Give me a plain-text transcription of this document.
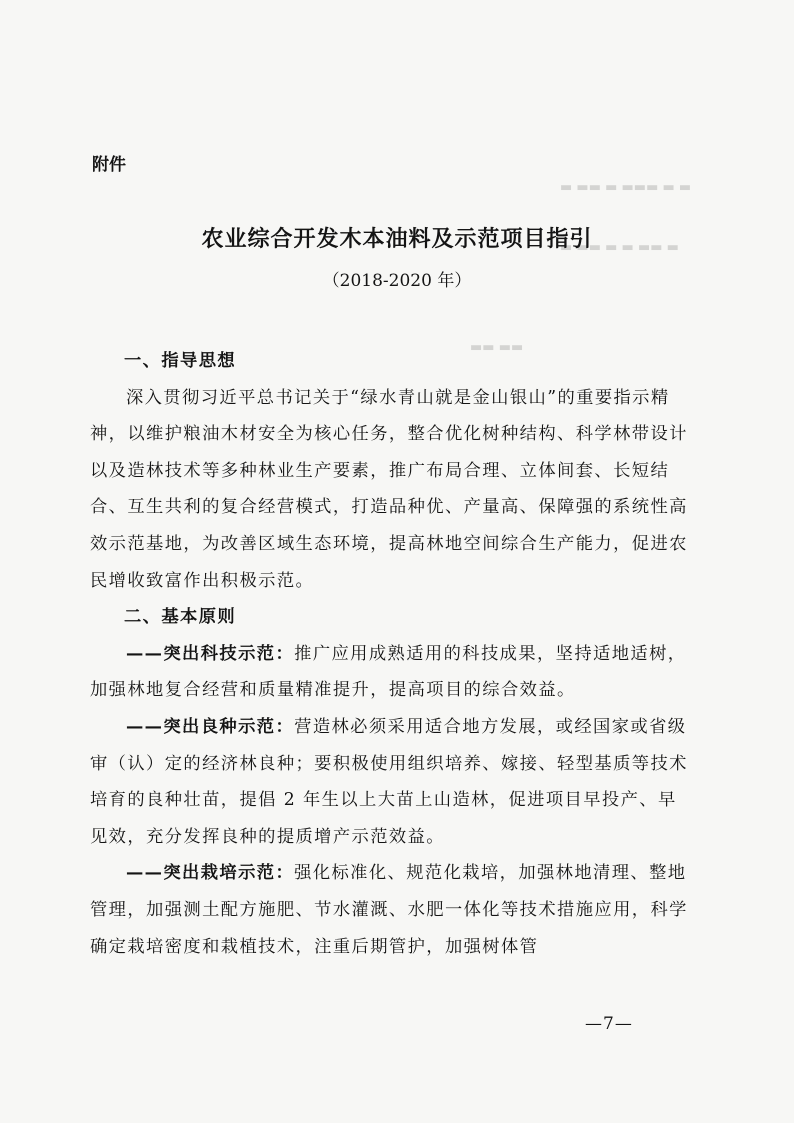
▬ ▬▬ ▬ ▬▬▬ ▬ ▬
▬ ▬▬ ▬ ▬ ▬▬ ▬
▬▬ ▬▬
附件
农业综合开发木本油料及示范项目指引
（2018-2020 年）

一、指导思想

深入贯彻习近平总书记关于“绿水青山就是金山银山”的重要指示精神，以维护粮油木材安全为核心任务，整合优化树种结构、科学林带设计以及造林技术等多种林业生产要素，推广布局合理、立体间套、长短结合、互生共利的复合经营模式，打造品种优、产量高、保障强的系统性高效示范基地，为改善区域生态环境，提高林地空间综合生产能力，促进农民增收致富作出积极示范。

二、基本原则

——突出科技示范：推广应用成熟适用的科技成果，坚持适地适树，加强林地复合经营和质量精准提升，提高项目的综合效益。

——突出良种示范：营造林必须采用适合地方发展，或经国家或省级审（认）定的经济林良种；要积极使用组织培养、嫁接、轻型基质等技术培育的良种壮苗，提倡 2 年生以上大苗上山造林，促进项目早投产、早见效，充分发挥良种的提质增产示范效益。

——突出栽培示范：强化标准化、规范化栽培，加强林地清理、整地管理，加强测土配方施肥、节水灌溉、水肥一体化等技术措施应用，科学确定栽培密度和栽植技术，注重后期管护，加强树体管

—7—
